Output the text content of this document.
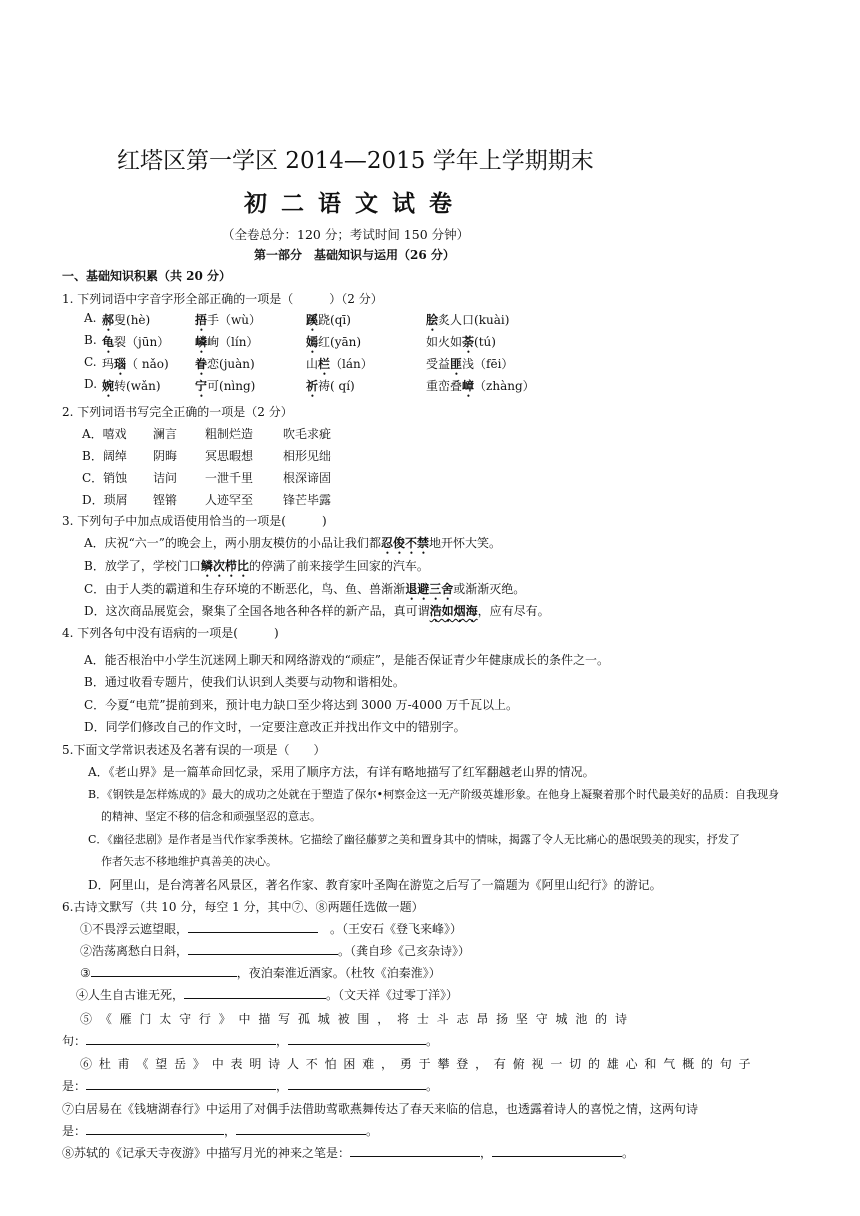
红塔区第一学区 2014—2015 学年上学期期末
初二语文试卷
（全卷总分：120 分；考试时间 150 分钟）
第一部分　基础知识与运用（26 分）
一、基础知识积累（共 20 分）
1. 下列词语中字音字形全部正确的一项是（　　　）（2 分）
A. 郝叟(hè)	捂手（wù）	蹊跷(qī)	脍炙人口(kuài)
B. 龟裂（jūn） 嶙峋（lín）	嫣红(yān)	如火如荼(tú)
C. 玛瑙（ nǎo) 眷恋(juàn)	山栏（lán）	受益匪浅（fēi）
D. 婉转(wǎn)	宁可(nìng)	祈祷( qí)	重峦叠嶂（zhàng）
2. 下列词语书写完全正确的一项是（2 分）
A．嘻戏 澜言 粗制烂造 吹毛求疵
B．阔绰 阴晦 冥思暇想 相形见绌
C．销蚀 诘问 一泄千里 根深谛固
D．琐屑 铿锵 人迹罕至 锋芒毕露
3. 下列句子中加点成语使用恰当的一项是(　　　)
A．庆祝“六一”的晚会上，两小朋友模仿的小品让我们都忍俊不禁地开怀大笑。
B．放学了，学校门口鳞次栉比的停满了前来接学生回家的汽车。
C．由于人类的霸道和生存环境的不断恶化，鸟、鱼、兽渐渐退避三舍或渐渐灭绝。
D．这次商品展览会，聚集了全国各地各种各样的新产品，真可谓浩如烟海，应有尽有。
4. 下列各句中没有语病的一项是(　　　)
A．能否根治中小学生沉迷网上聊天和网络游戏的“顽症”，是能否保证青少年健康成长的条件之一。
B．通过收看专题片，使我们认识到人类要与动物和谐相处。
C．今夏“电荒”提前到来，预计电力缺口至少将达到 3000 万-4000 万千瓦以上。
D．同学们修改自己的作文时，一定要注意改正并找出作文中的错别字。
5.下面文学常识表述及名著有误的一项是（　　）
A．《老山界》是一篇革命回忆录，采用了顺序方法，有详有略地描写了红军翻越老山界的情况。
B．《钢铁是怎样炼成的》最大的成功之处就在于塑造了保尔•柯察金这一无产阶级英雄形象。在他身上凝聚着那个时代最美好的品质：自我现身
的精神、坚定不移的信念和顽强坚忍的意志。
C．《幽径悲剧》是作者是当代作家季羡林。它描绘了幽径藤萝之美和置身其中的情味，揭露了令人无比痛心的愚氓毁美的现实，抒发了
作者矢志不移地维护真善美的决心。
D．阿里山，是台湾著名风景区，著名作家、教育家叶圣陶在游览之后写了一篇题为《阿里山纪行》的游记。
6.古诗文默写（共 10 分，每空 1 分，其中⑦、⑧两题任选做一题）
①不畏浮云遮望眼，	　。（王安石《登飞来峰》）
②浩荡离愁白日斜，	。（龚自珍《己亥杂诗》）
③	，夜泊秦淮近酒家。（杜牧《泊秦淮》）
④人生自古谁无死，	。（文天祥《过零丁洋》）
⑤ 《 雁 门 太 守 行 》 中 描 写 孤 城 被 围 ， 将 士 斗 志 昂 扬 坚 守 城 池 的 诗
句：	，	。
⑥ 杜 甫 《 望 岳 》 中 表 明 诗 人 不 怕 困 难 ， 勇 于 攀 登 ， 有 俯 视 一 切 的 雄 心 和 气 概 的 句 子
是：	，	。
⑦白居易在《钱塘湖春行》中运用了对偶手法借助莺歌燕舞传达了春天来临的信息，也透露着诗人的喜悦之情，这两句诗
是：	，	。
⑧苏轼的《记承天寺夜游》中描写月光的神来之笔是：	，	。
